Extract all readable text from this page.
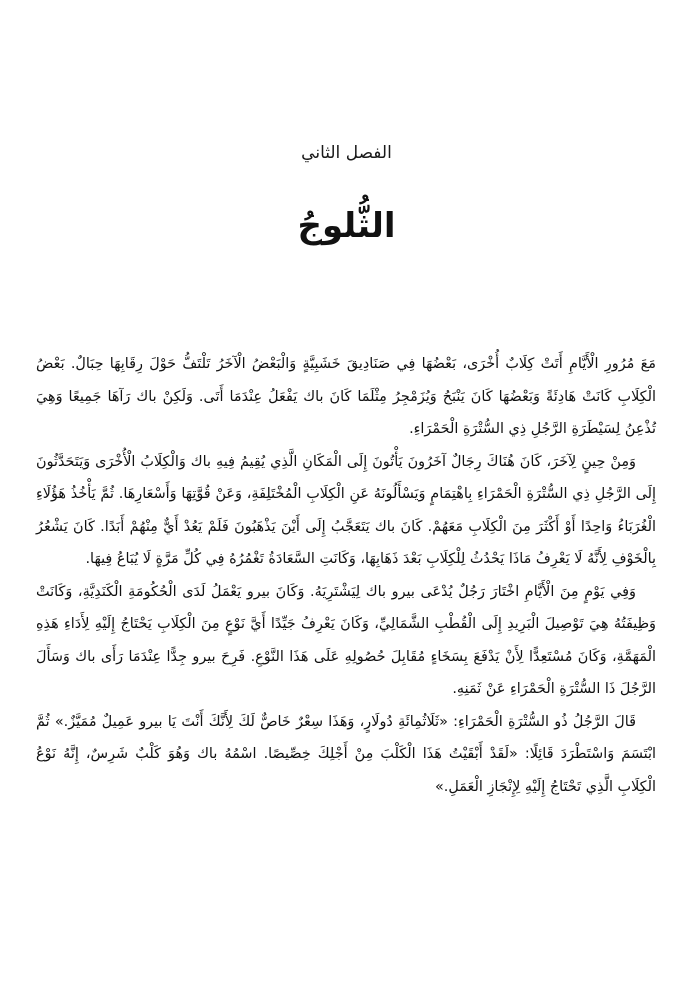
الفصل الثاني
الثُّلوجُ

مَعَ مُرُورِ الْأَيَّامِ أَتَتْ كِلَابٌ أُخْرَى، بَعْضُهَا فِي صَنَادِيقَ خَشَبِيَّةٍ وَالْبَعْضُ الْآخَرُ تَلْتَفُّ حَوْلَ رِقَابِهَا حِبَالٌ. بَعْضُ الْكِلَابِ كَانَتْ هَادِئَةً وَبَعْضُهَا كَانَ يَنْبَحُ وَيُزَمْجِرُ مِثْلَمَا كَانَ باك يَفْعَلُ عِنْدَمَا أَتَى. وَلَكِنْ باك رَآهَا جَمِيعًا وَهِيَ تُذْعِنُ لِسَيْطَرَةِ الرَّجُلِ ذِي السُّتْرَةِ الْحَمْرَاءِ.

وَمِنْ حِينٍ لِآخَرَ، كَانَ هُنَاكَ رِجَالٌ آخَرُونَ يَأْتُونَ إِلَى الْمَكَانِ الَّذِي يُقِيمُ فِيهِ باك وَالْكِلَابُ الْأُخْرَى وَيَتَحَدَّثُونَ إِلَى الرَّجُلِ ذِي السُّتْرَةِ الْحَمْرَاءِ بِاهْتِمَامٍ وَيَسْأَلُونَهُ عَنِ الْكِلَابِ الْمُخْتَلِفَةِ، وَعَنْ قُوَّتِهَا وَأَسْعَارِهَا. ثُمَّ يَأْخُذُ هَؤُلَاءِ الْغُرَبَاءُ وَاحِدًا أَوْ أَكْثَرَ مِنَ الْكِلَابِ مَعَهُمْ. كَانَ باك يَتَعَجَّبُ إِلَى أَيْنَ يَذْهَبُونَ فَلَمْ يَعُدْ أَيٌّ مِنْهُمْ أَبَدًا. كَانَ يَشْعُرُ بِالْخَوْفِ لِأَنَّهُ لَا يَعْرِفُ مَاذَا يَحْدُثُ لِلْكِلَابِ بَعْدَ ذَهَابِهَا، وَكَانَتِ السَّعَادَةُ تَغْمُرُهُ فِي كُلِّ مَرَّةٍ لَا يُبَاعُ فِيهَا.

وَفِي يَوْمٍ مِنَ الْأَيَّامِ اخْتَارَ رَجُلٌ يُدْعَى بيرو باك لِيَشْتَرِيَهُ. وَكَانَ بيرو يَعْمَلُ لَدَى الْحُكُومَةِ الْكَنَدِيَّةِ، وَكَانَتْ وَظِيفَتُهُ هِيَ تَوْصِيلَ الْبَرِيدِ إِلَى الْقُطْبِ الشَّمَالِيِّ، وَكَانَ يَعْرِفُ جَيِّدًا أَيَّ نَوْعٍ مِنَ الْكِلَابِ يَحْتَاجُ إِلَيْهِ لِأَدَاءِ هَذِهِ الْمَهَمَّةِ، وَكَانَ مُسْتَعِدًّا لِأَنْ يَدْفَعَ بِسَخَاءٍ مُقَابِلَ حُصُولِهِ عَلَى هَذَا النَّوْعِ. فَرِحَ بيرو جِدًّا عِنْدَمَا رَأَى باك وَسَأَلَ الرَّجُلَ ذَا السُّتْرَةِ الْحَمْرَاءِ عَنْ ثَمَنِهِ.

قَالَ الرَّجُلُ ذُو السُّتْرَةِ الْحَمْرَاءِ: «ثَلَاثُمِائَةِ دُولَارٍ، وَهَذَا سِعْرٌ خَاصٌّ لَكَ لِأَنَّكَ أَنْتَ يَا بيرو عَمِيلٌ مُمَيَّزٌ.» ثُمَّ ابْتَسَمَ وَاسْتَطْرَدَ قَائِلًا: «لَقَدْ أَبْقَيْتُ هَذَا الْكَلْبَ مِنْ أَجْلِكَ خِصِّيصًا. اسْمُهُ باك وَهُوَ كَلْبٌ شَرِسٌ، إِنَّهُ نَوْعُ الْكِلَابِ الَّذِي تَحْتَاجُ إِلَيْهِ لِإِنْجَازِ الْعَمَلِ.»
